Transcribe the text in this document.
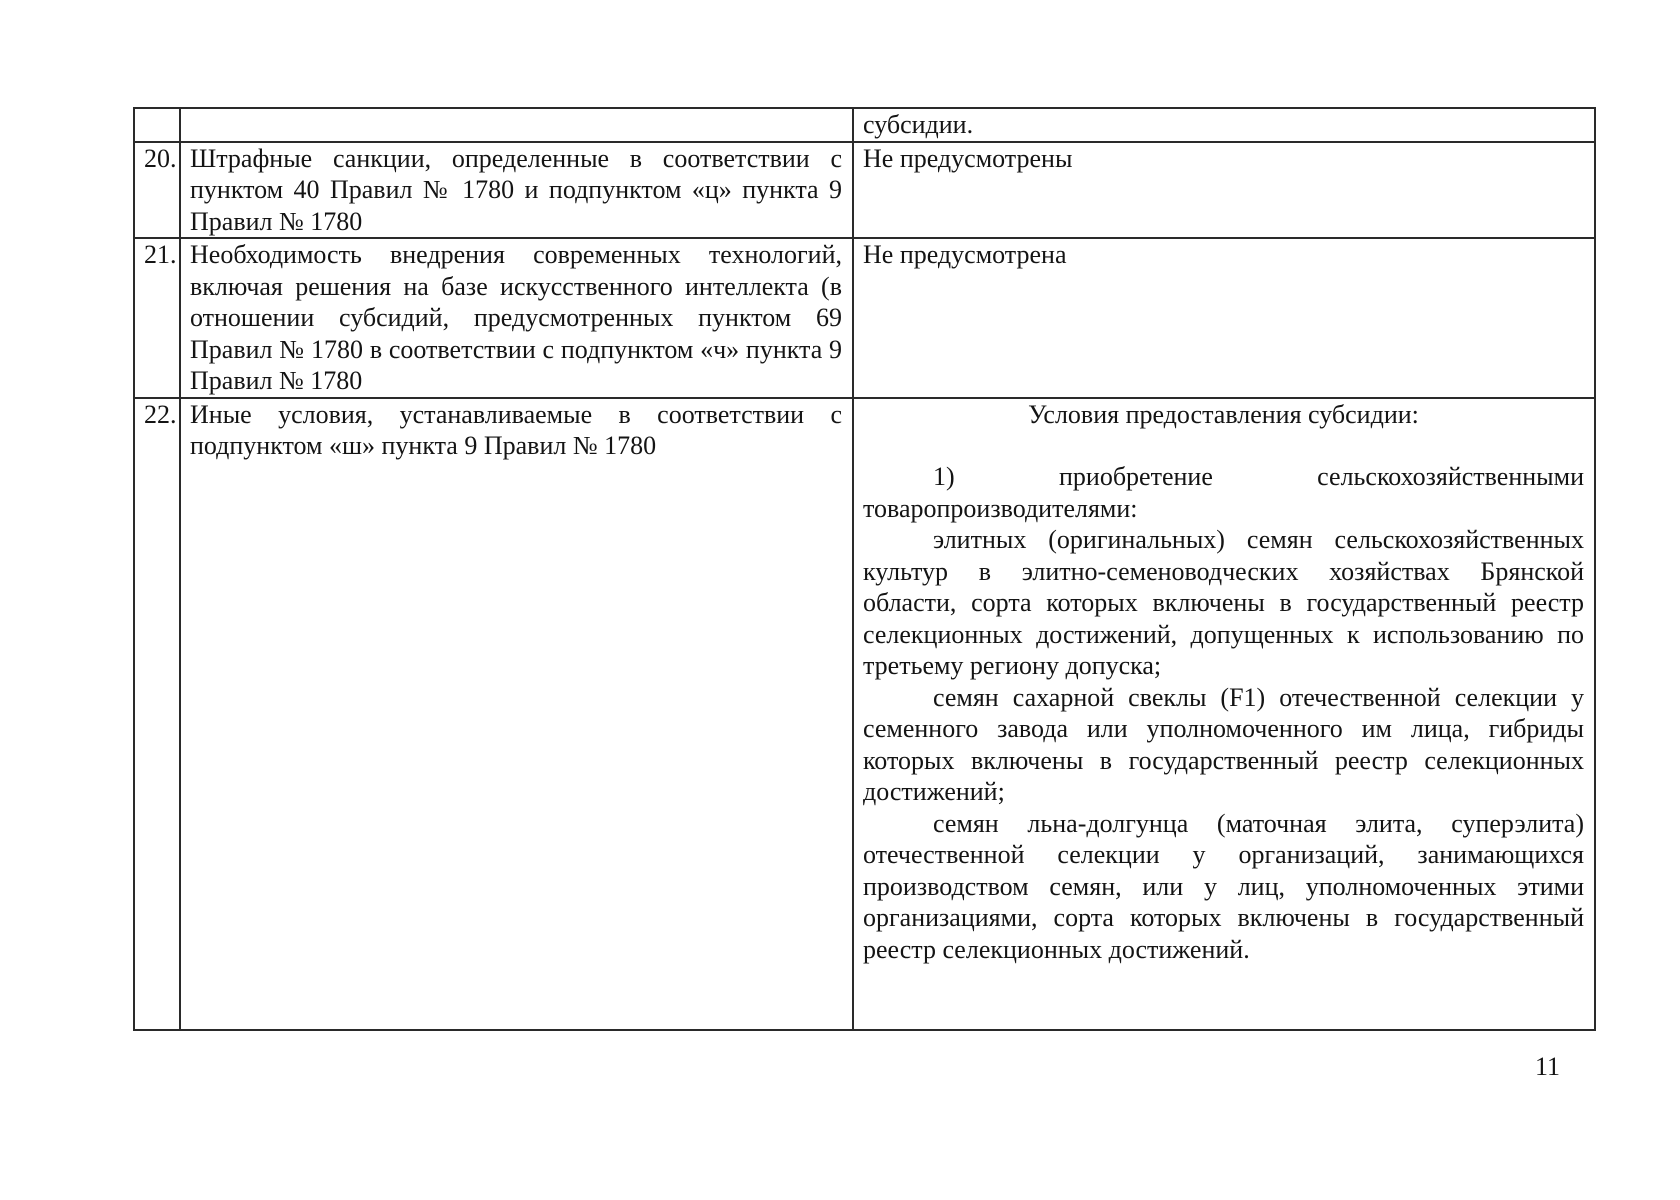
		субсидии.
20.	Штрафные санкции, определенные в соответствии с пунктом 40 Правил № 1780 и подпунктом «ц» пункта 9 Правил № 1780	Не предусмотрены
21.	Необходимость внедрения современных технологий, включая решения на базе искусственного интеллекта (в отношении субсидий, предусмотренных пунктом 69 Правил № 1780 в соответствии с подпунктом «ч» пункта 9 Правил № 1780	Не предусмотрена
22.	Иные условия, устанавливаемые в соответствии с подпунктом «ш» пункта 9 Правил № 1780	Условия предоставления субсидии:
1) приобретение сельскохозяйственными товаропроизводителями:
элитных (оригинальных) семян сельскохозяйственных культур в элитно-семеноводческих хозяйствах Брянской области, сорта которых включены в государственный реестр селекционных достижений, допущенных к использованию по третьему региону допуска;
семян сахарной свеклы (F1) отечественной селекции у семенного завода или уполномоченного им лица, гибриды которых включены в государственный реестр селекционных достижений;
семян льна-долгунца (маточная элита, суперэлита) отечественной селекции у организаций, занимающихся производством семян, или у лиц, уполномоченных этими организациями, сорта которых включены в государственный реестр селекционных достижений.
11
